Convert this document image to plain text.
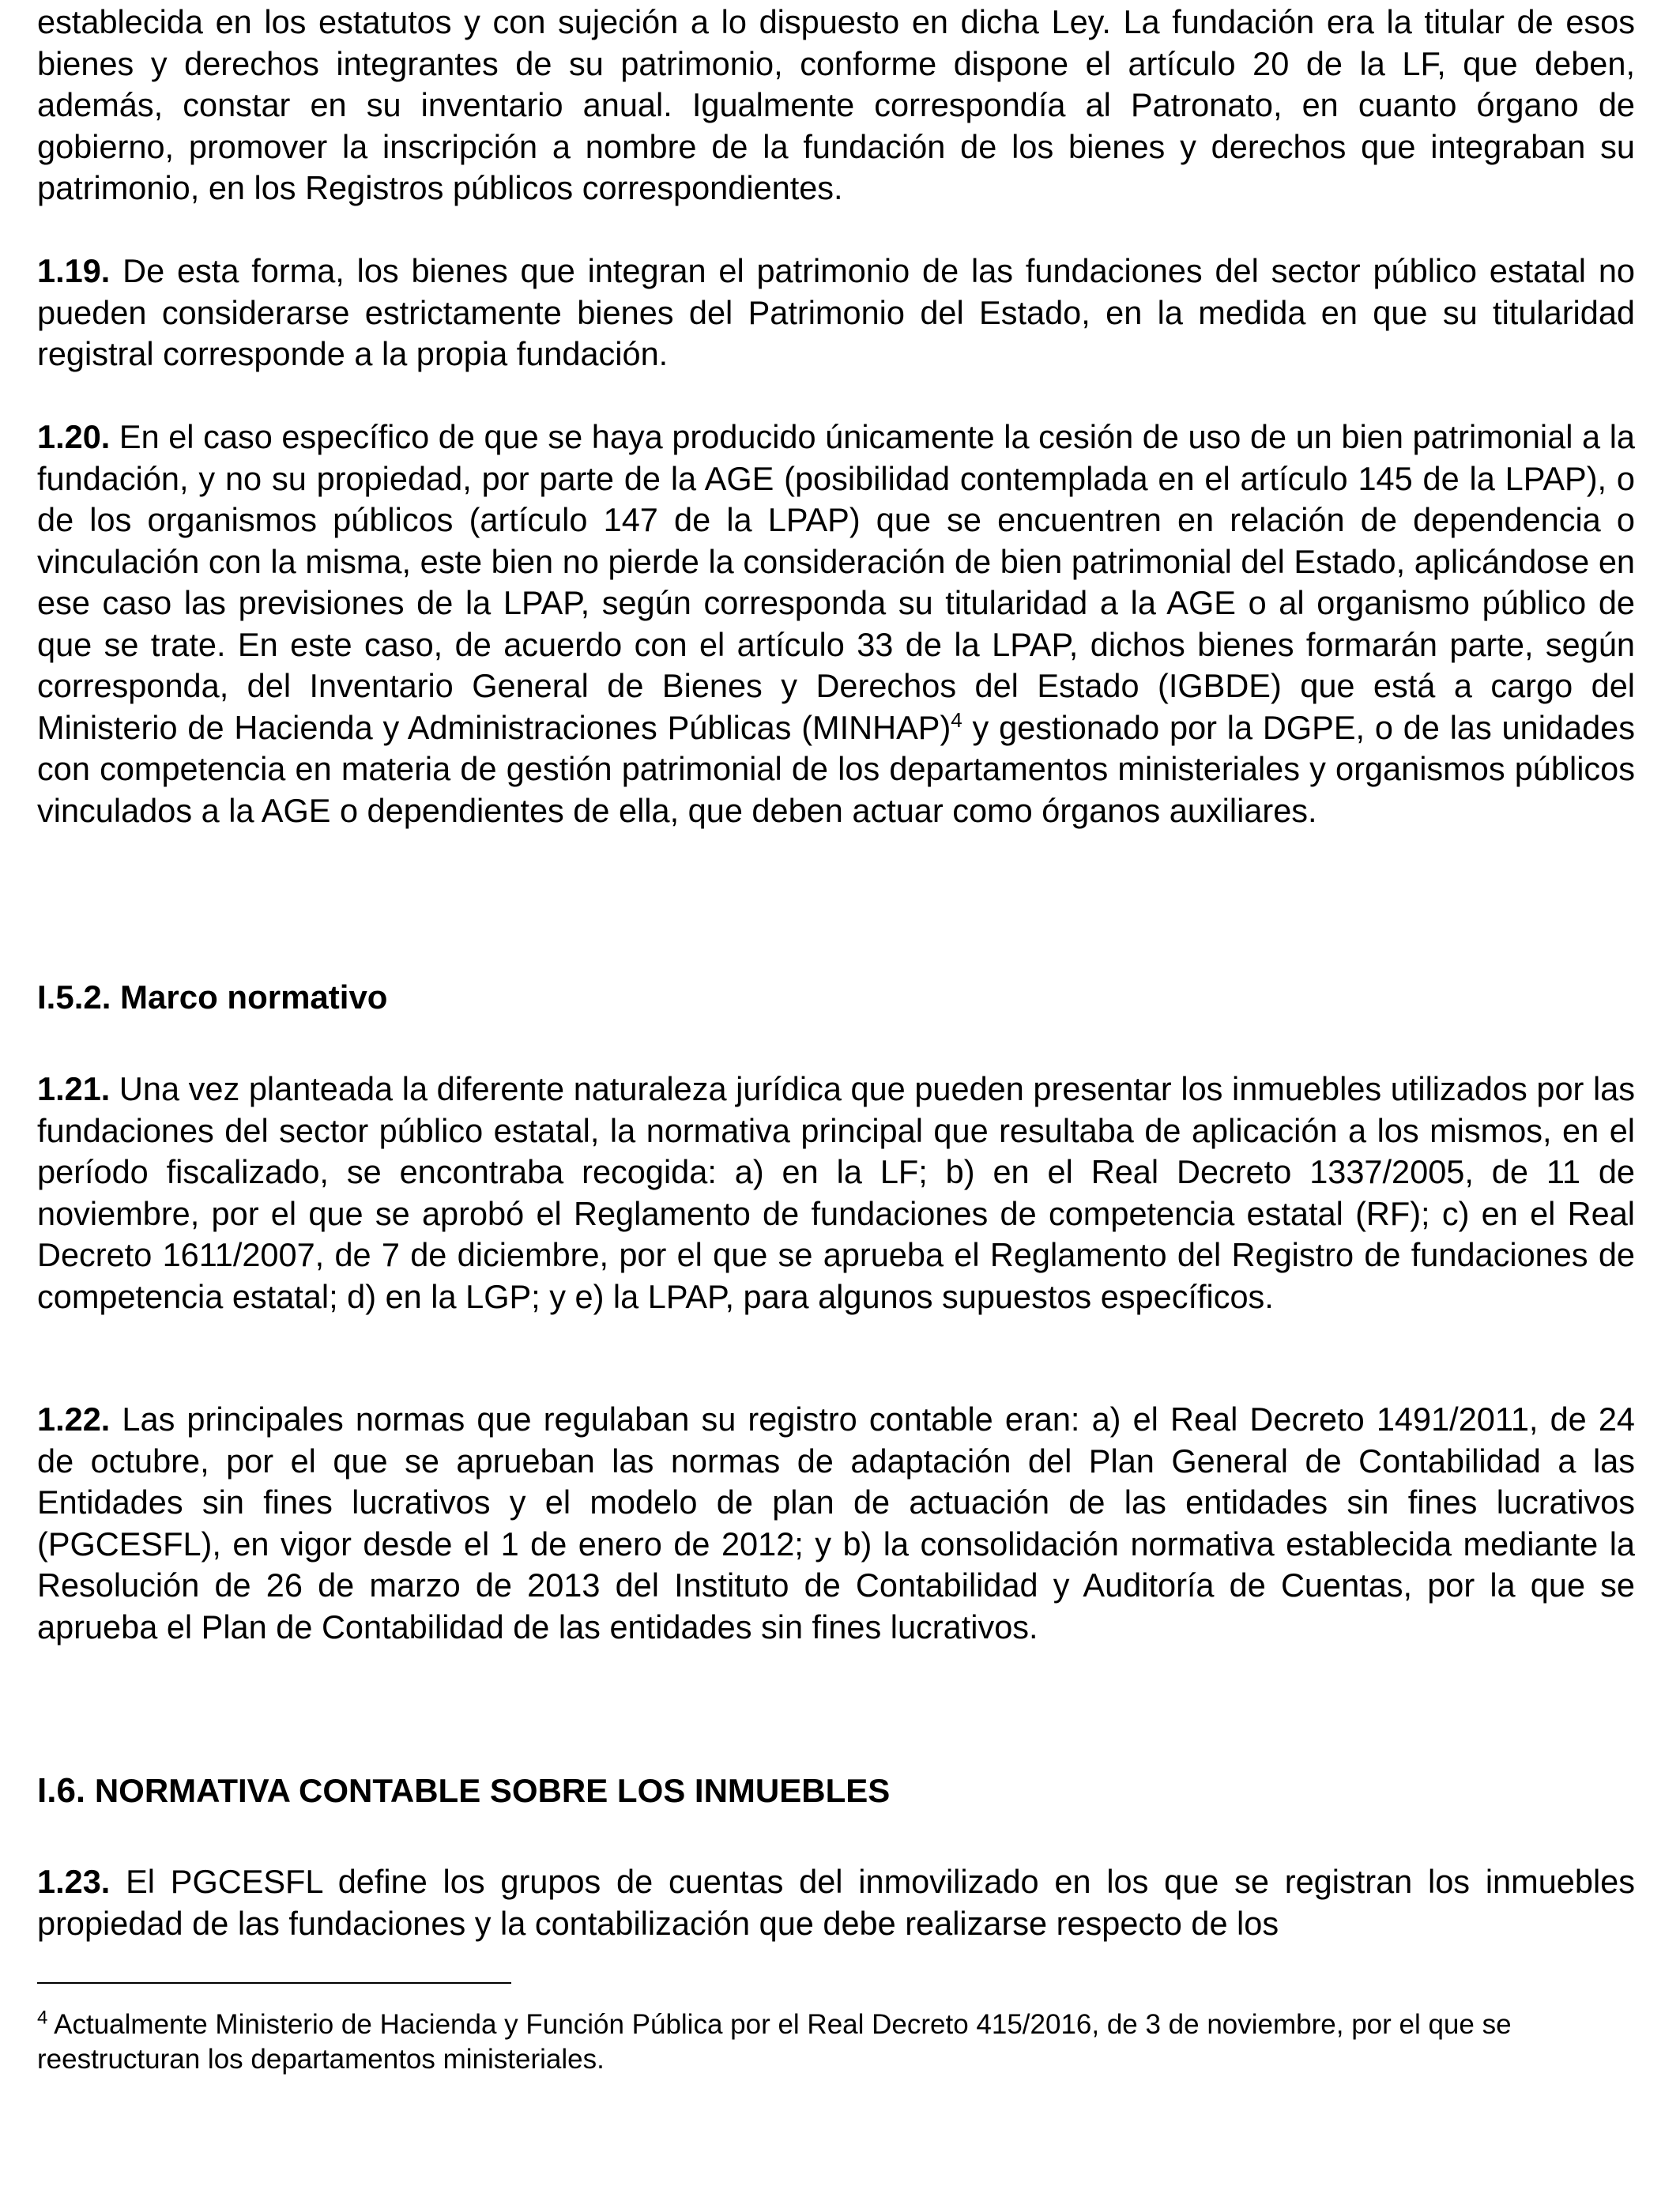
establecida en los estatutos y con sujeción a lo dispuesto en dicha Ley. La fundación era la titular de esos bienes y derechos integrantes de su patrimonio, conforme dispone el artículo 20 de la LF, que deben, además, constar en su inventario anual. Igualmente correspondía al Patronato, en cuanto órgano de gobierno, promover la inscripción a nombre de la fundación de los bienes y derechos que integraban su patrimonio, en los Registros públicos correspondientes.

1.19. De esta forma, los bienes que integran el patrimonio de las fundaciones del sector público estatal no pueden considerarse estrictamente bienes del Patrimonio del Estado, en la medida en que su titularidad registral corresponde a la propia fundación.

1.20. En el caso específico de que se haya producido únicamente la cesión de uso de un bien patrimonial a la fundación, y no su propiedad, por parte de la AGE (posibilidad contemplada en el artículo 145 de la LPAP), o de los organismos públicos (artículo 147 de la LPAP) que se encuentren en relación de dependencia o vinculación con la misma, este bien no pierde la consideración de bien patrimonial del Estado, aplicándose en ese caso las previsiones de la LPAP, según corresponda su titularidad a la AGE o al organismo público de que se trate. En este caso, de acuerdo con el artículo 33 de la LPAP, dichos bienes formarán parte, según corresponda, del Inventario General de Bienes y Derechos del Estado (IGBDE) que está a cargo del Ministerio de Hacienda y Administraciones Públicas (MINHAP)$^4$ y gestionado por la DGPE, o de las unidades con competencia en materia de gestión patrimonial de los departamentos ministeriales y organismos públicos vinculados a la AGE o dependientes de ella, que deben actuar como órganos auxiliares.

I.5.2. Marco normativo

1.21. Una vez planteada la diferente naturaleza jurídica que pueden presentar los inmuebles utilizados por las fundaciones del sector público estatal, la normativa principal que resultaba de aplicación a los mismos, en el período fiscalizado, se encontraba recogida: a) en la LF; b) en el Real Decreto 1337/2005, de 11 de noviembre, por el que se aprobó el Reglamento de fundaciones de competencia estatal (RF); c) en el Real Decreto 1611/2007, de 7 de diciembre, por el que se aprueba el Reglamento del Registro de fundaciones de competencia estatal; d) en la LGP; y e) la LPAP, para algunos supuestos específicos.

1.22. Las principales normas que regulaban su registro contable eran: a) el Real Decreto 1491/2011, de 24 de octubre, por el que se aprueban las normas de adaptación del Plan General de Contabilidad a las Entidades sin fines lucrativos y el modelo de plan de actuación de las entidades sin fines lucrativos (PGCESFL), en vigor desde el 1 de enero de 2012; y b) la consolidación normativa establecida mediante la Resolución de 26 de marzo de 2013 del Instituto de Contabilidad y Auditoría de Cuentas, por la que se aprueba el Plan de Contabilidad de las entidades sin fines lucrativos.

I.6. NORMATIVA CONTABLE SOBRE LOS INMUEBLES

1.23. El PGCESFL define los grupos de cuentas del inmovilizado en los que se registran los inmuebles propiedad de las fundaciones y la contabilización que debe realizarse respecto de los

$^4$ Actualmente Ministerio de Hacienda y Función Pública por el Real Decreto 415/2016, de 3 de noviembre, por el que se reestructuran los departamentos ministeriales.
